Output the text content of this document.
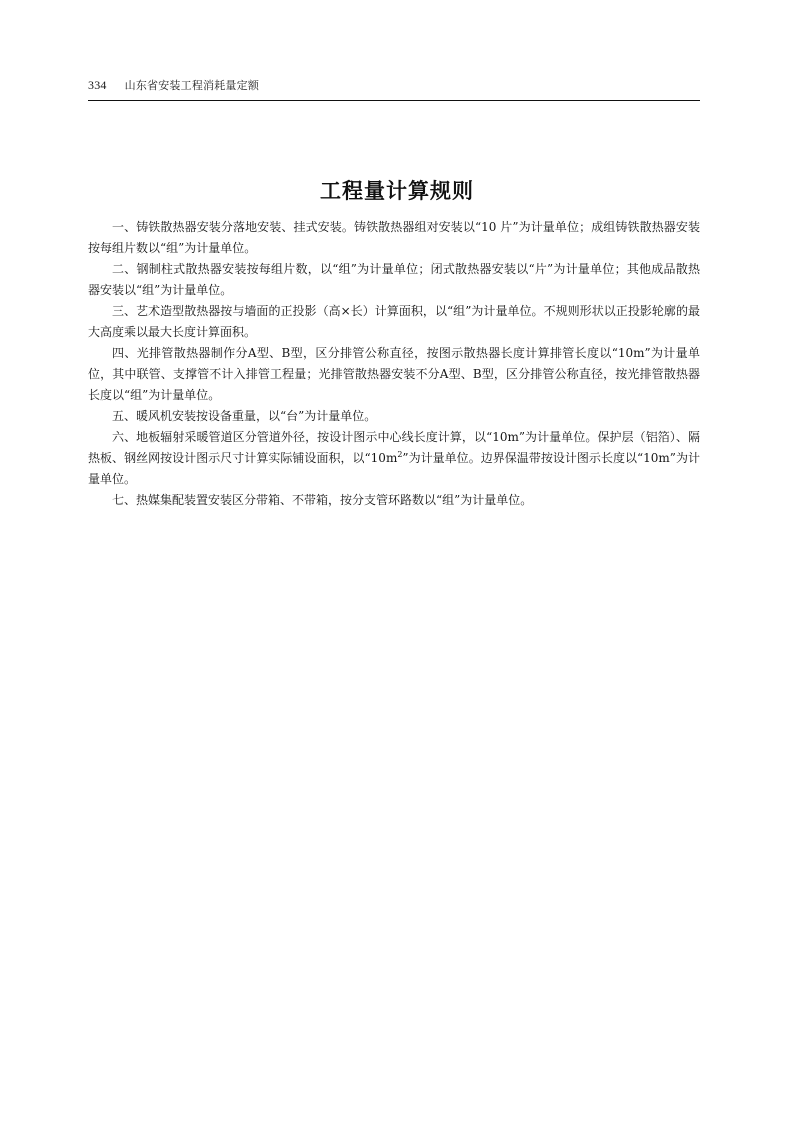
334 山东省安装工程消耗量定额
工程量计算规则

一、铸铁散热器安装分落地安装、挂式安装。铸铁散热器组对安装以“10 片”为计量单位；成组铸铁散热器安装按每组片数以“组”为计量单位。

二、钢制柱式散热器安装按每组片数，以“组”为计量单位；闭式散热器安装以“片”为计量单位；其他成品散热器安装以“组”为计量单位。

三、艺术造型散热器按与墙面的正投影（高×长）计算面积，以“组”为计量单位。不规则形状以正投影轮廓的最大高度乘以最大长度计算面积。

四、光排管散热器制作分A型、B型，区分排管公称直径，按图示散热器长度计算排管长度以“10m”为计量单位，其中联管、支撑管不计入排管工程量；光排管散热器安装不分A型、B型，区分排管公称直径，按光排管散热器长度以“组”为计量单位。

五、暖风机安装按设备重量，以“台”为计量单位。

六、地板辐射采暖管道区分管道外径，按设计图示中心线长度计算，以“10m”为计量单位。保护层（铝箔）、隔热板、钢丝网按设计图示尺寸计算实际铺设面积，以“$10m^2$”为计量单位。边界保温带按设计图示长度以“10m”为计量单位。

七、热媒集配装置安装区分带箱、不带箱，按分支管环路数以“组”为计量单位。
